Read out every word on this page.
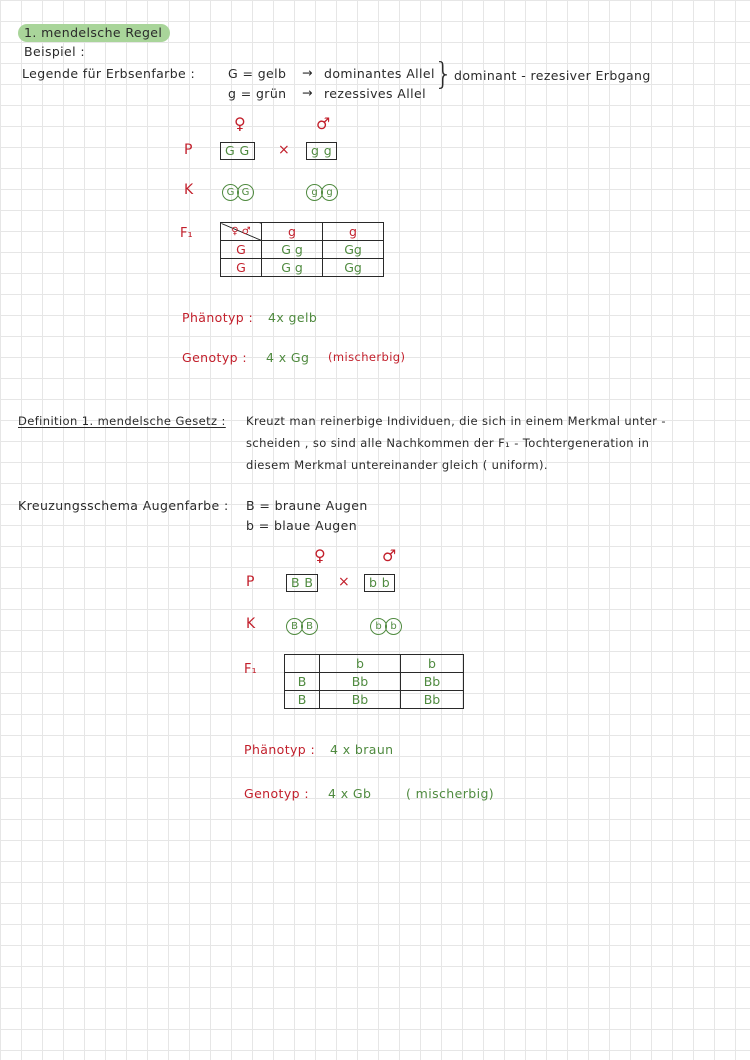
1. mendelsche Regel
Beispiel :
Legende für Erbsenfarbe :	G = gelb → dominantes Allel
g = grün → rezessives Allel
} dominant - rezesiver Erbgang
♀	♂
P	G G	×	g g
K	G G	g g
F₁	♀ ♂	g	g
G	G g	Gg
G	G g	Gg
Phänotyp : 4x gelb
Genotyp : 4 x Gg (mischerbig)
Definition 1. mendelsche Gesetz : Kreuzt man reinerbige Individuen, die sich in einem Merkmal unter -
scheiden , so sind alle Nachkommen der F₁ - Tochtergeneration in
diesem Merkmal untereinander gleich ( uniform).
Kreuzungsschema Augenfarbe : B = braune Augen
b = blaue Augen
♀	♂
P	B B	×	b b
K	B B	b b
F₁
		b	b
B	Bb	Bb
B	Bb	Bb
Phänotyp : 4 x braun
Genotyp : 4 x Gb	( mischerbig)
